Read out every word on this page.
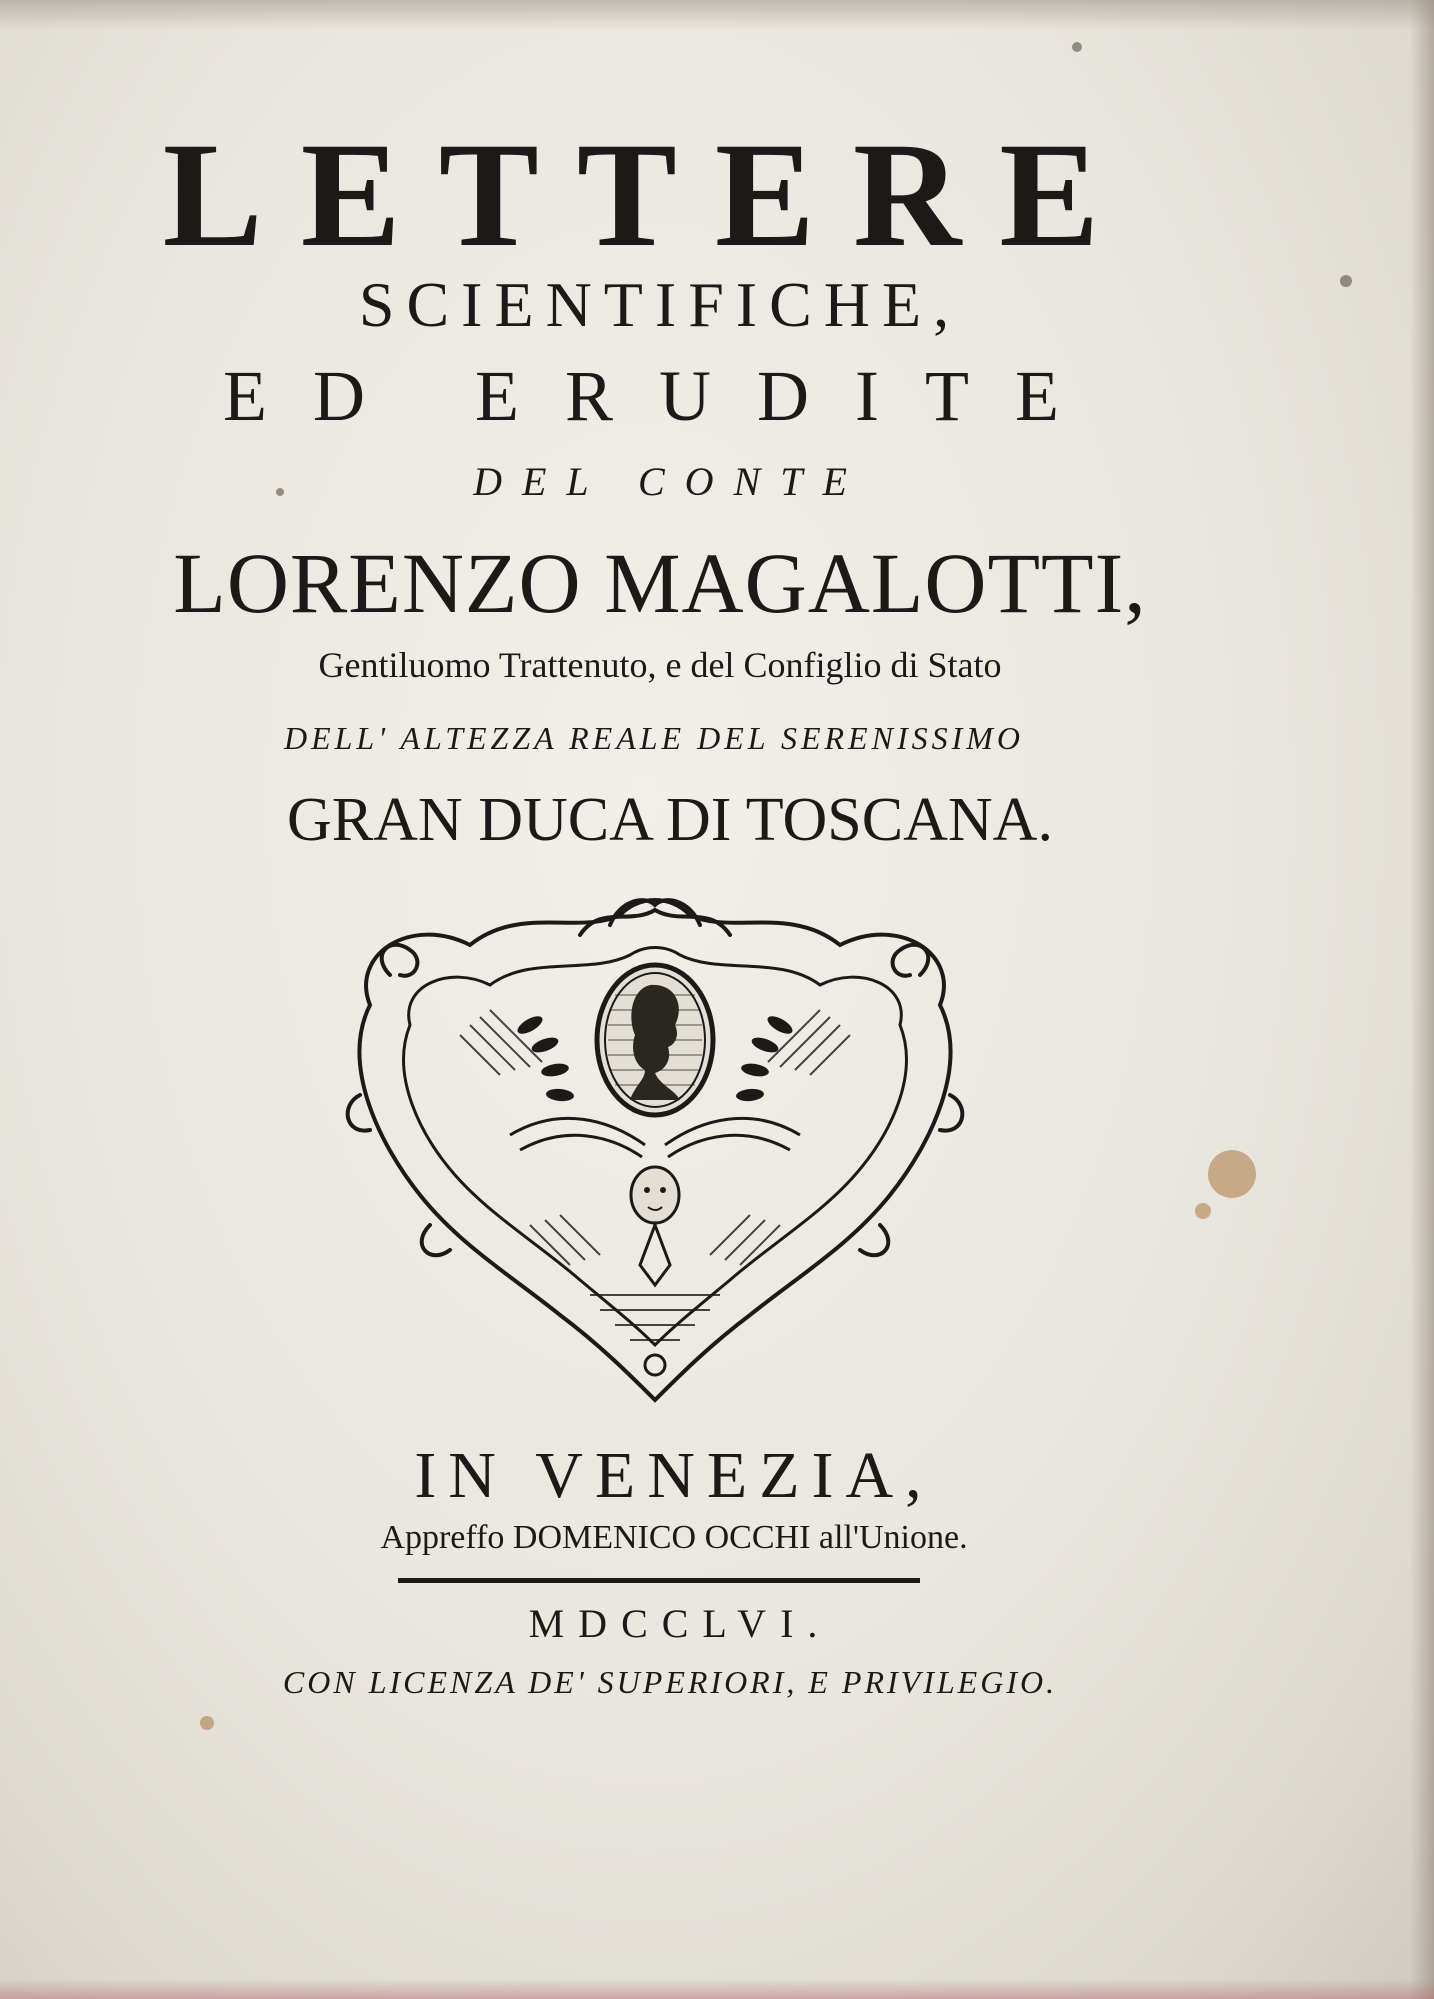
LETTERE
SCIENTIFICHE,
ED ERUDITE
DEL CONTE
LORENZO MAGALOTTI,
Gentiluomo Trattenuto, e del Configlio di Stato
DELL' ALTEZZA REALE DEL SERENISSIMO
GRAN DUCA DI TOSCANA.
IN VENEZIA,
Appreffo DOMENICO OCCHI all'Unione.
MDCCLVI.
CON LICENZA DE' SUPERIORI, E PRIVILEGIO.
